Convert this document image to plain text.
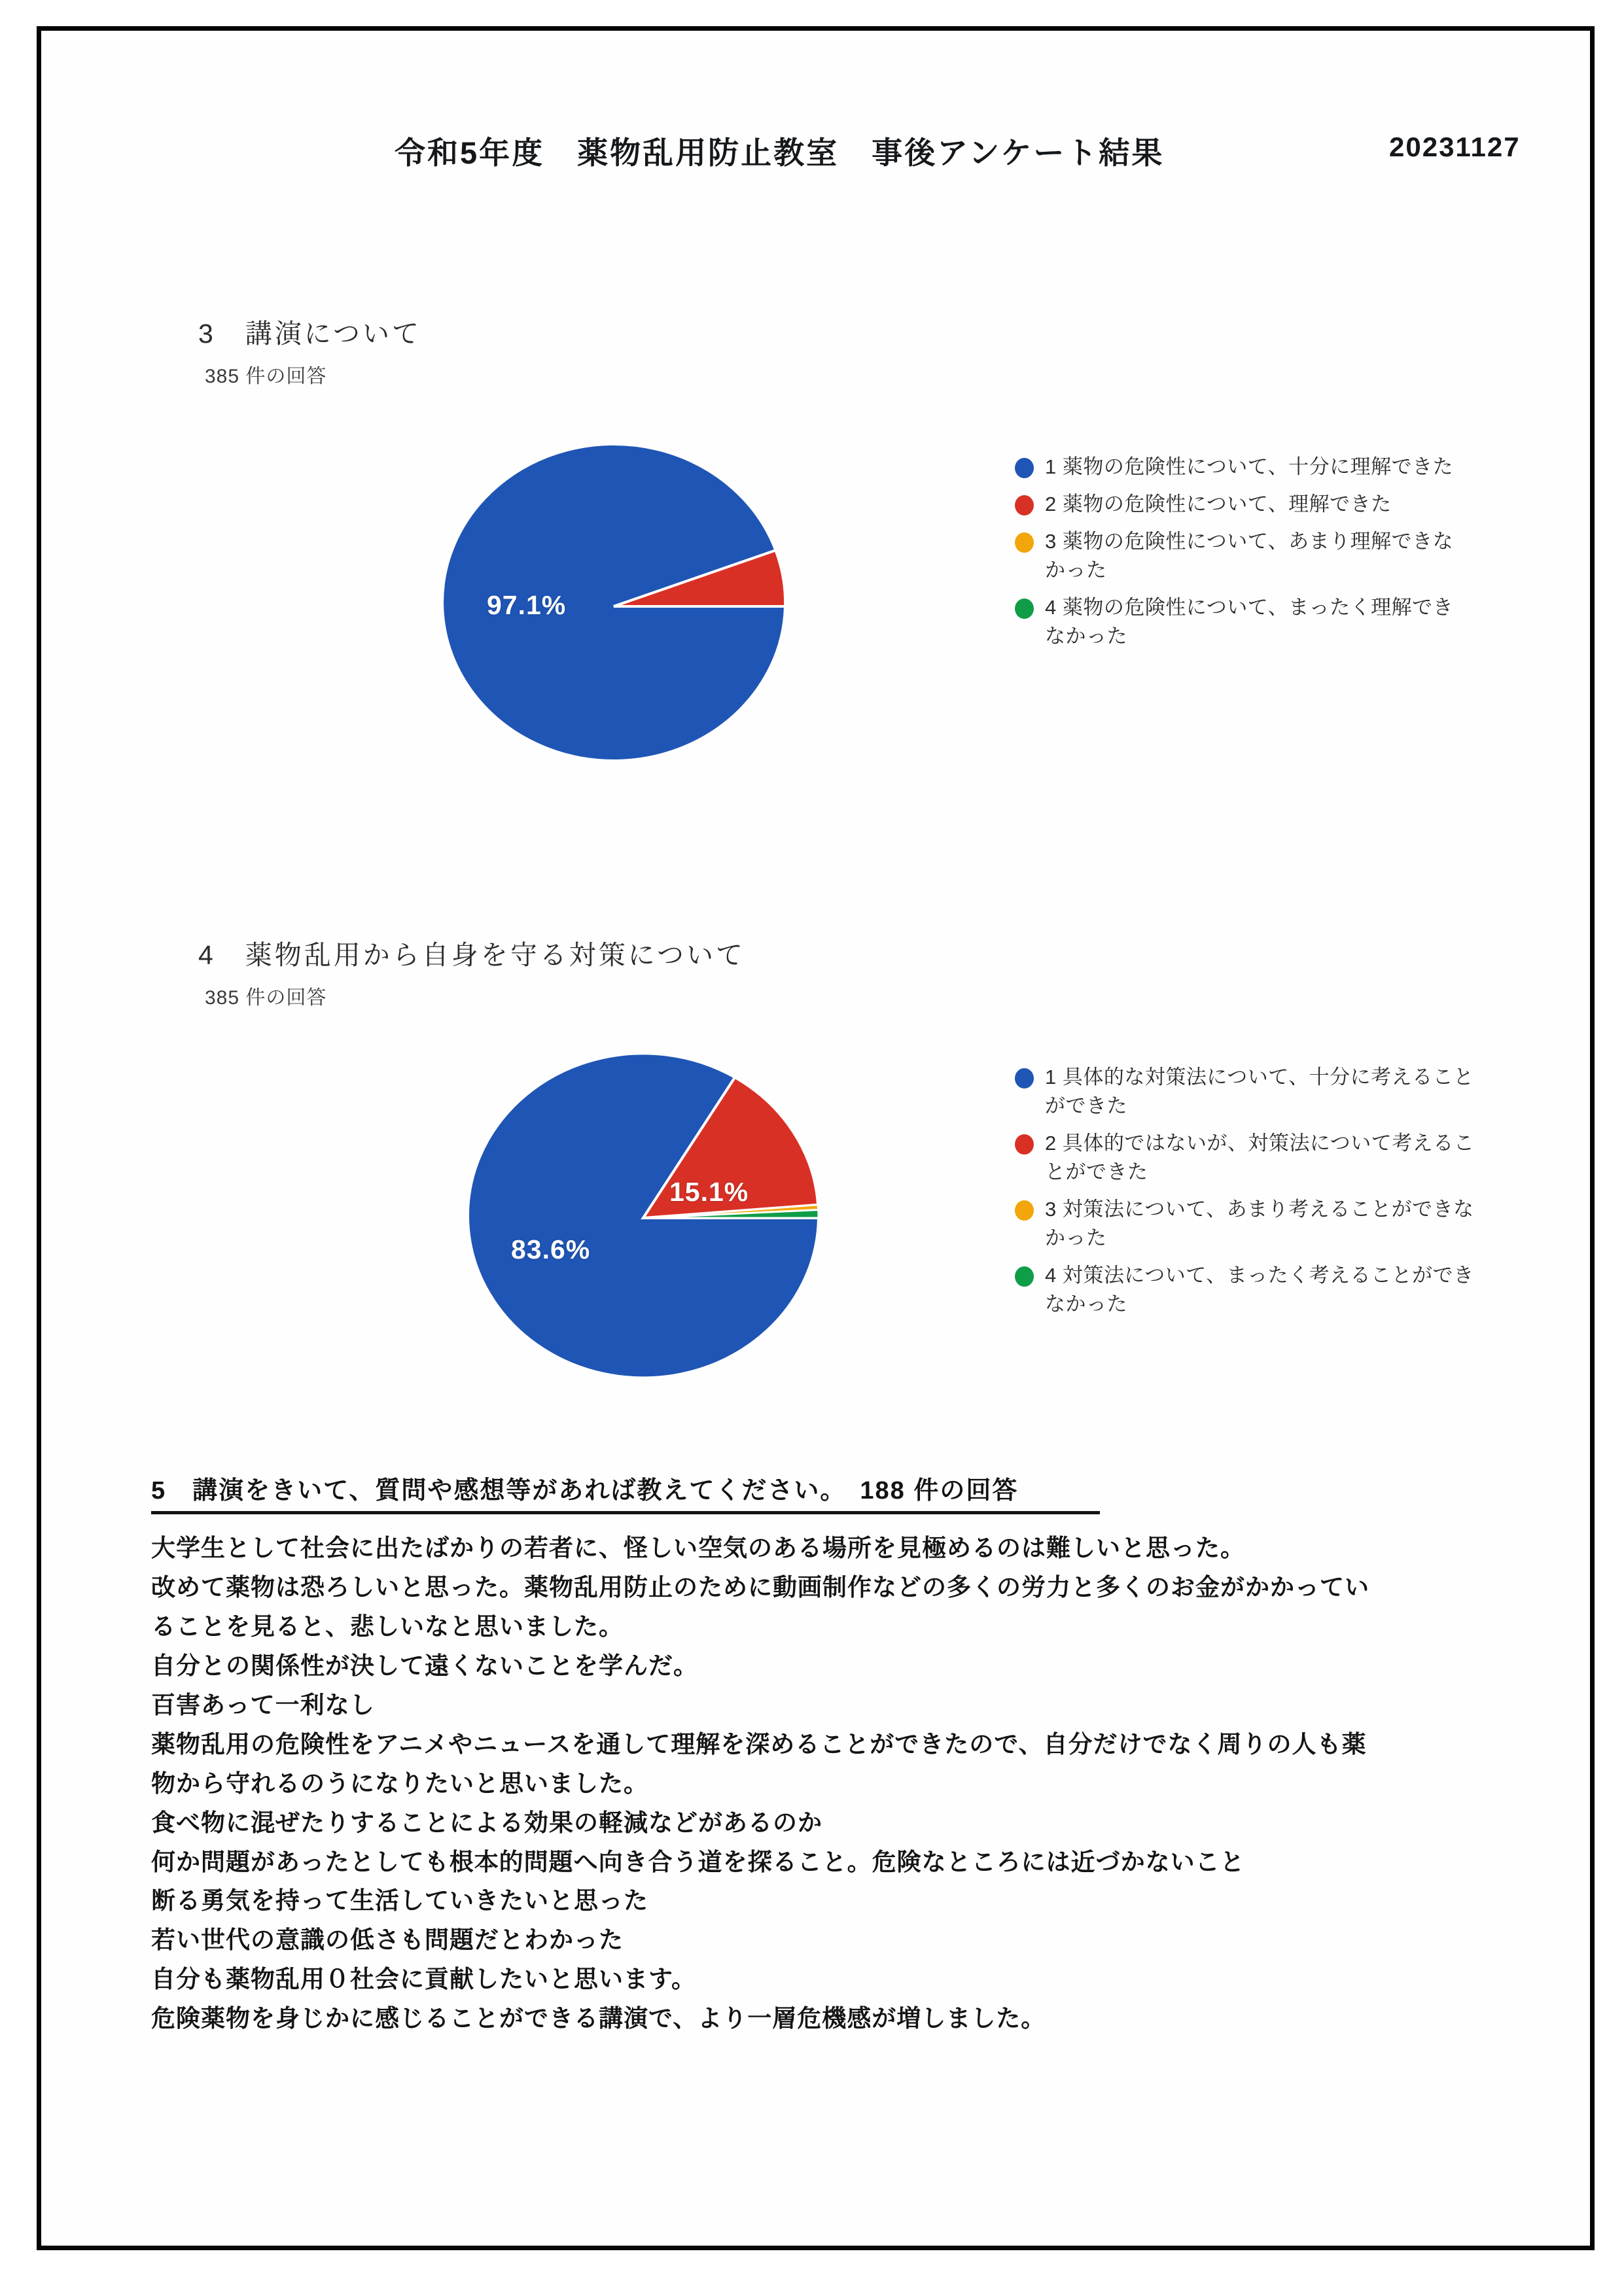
令和5年度　薬物乱用防止教室　事後アンケート結果	20231127
3　講演について
385 件の回答
97.1%
1 薬物の危険性について、十分に理解できた
2 薬物の危険性について、理解できた
3 薬物の危険性について、あまり理解できなかった
4 薬物の危険性について、まったく理解できなかった
4　薬物乱用から自身を守る対策について
385 件の回答
83.6%
15.1%
1 具体的な対策法について、十分に考えることができた
2 具体的ではないが、対策法について考えることができた
3 対策法について、あまり考えることができなかった
4 対策法について、まったく考えることができなかった
5　講演をきいて、質問や感想等があれば教えてください。　188 件の回答
大学生として社会に出たばかりの若者に、怪しい空気のある場所を見極めるのは難しいと思った。
改めて薬物は恐ろしいと思った。薬物乱用防止のために動画制作などの多くの労力と多くのお金がかかってい
ることを見ると、悲しいなと思いました。
自分との関係性が決して遠くないことを学んだ。
百害あって一利なし
薬物乱用の危険性をアニメやニュースを通して理解を深めることができたので、自分だけでなく周りの人も薬
物から守れるのうになりたいと思いました。
食べ物に混ぜたりすることによる効果の軽減などがあるのか
何か問題があったとしても根本的問題へ向き合う道を探ること。危険なところには近づかないこと
断る勇気を持って生活していきたいと思った
若い世代の意識の低さも問題だとわかった
自分も薬物乱用０社会に貢献したいと思います。
危険薬物を身じかに感じることができる講演で、より一層危機感が増しました。
